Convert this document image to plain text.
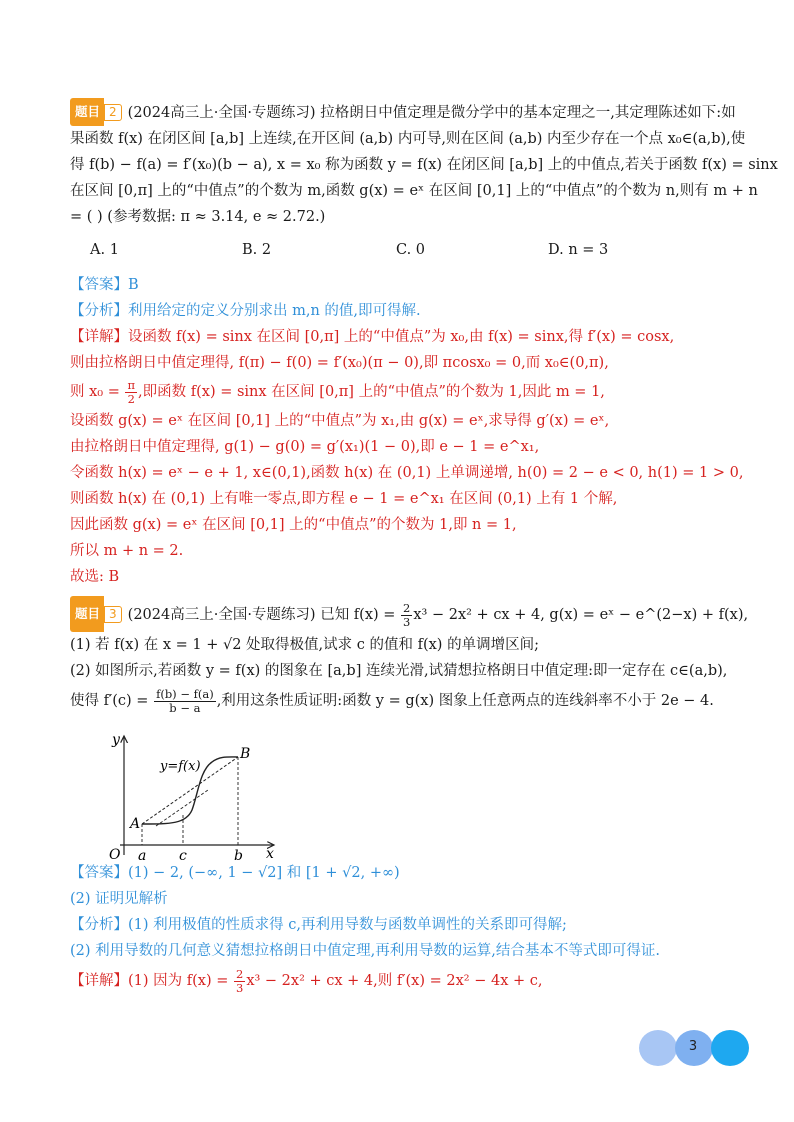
题目 2 (2024高三上·全国·专题练习) 拉格朗日中值定理是微分学中的基本定理之一,其定理陈述如下:如
果函数 f(x) 在闭区间 [a,b] 上连续,在开区间 (a,b) 内可导,则在区间 (a,b) 内至少存在一个点 x₀∈(a,b),使
得 f(b) − f(a) = f′(x₀)(b − a), x = x₀ 称为函数 y = f(x) 在闭区间 [a,b] 上的中值点,若关于函数 f(x) = sinx
在区间 [0,π] 上的“中值点”的个数为 m,函数 g(x) = eˣ 在区间 [0,1] 上的“中值点”的个数为 n,则有 m + n
= ( ) (参考数据: π ≈ 3.14, e ≈ 2.72.)
A. 1	B. 2	C. 0	D. n = 3
【答案】B
【分析】利用给定的定义分别求出 m,n 的值,即可得解.
【详解】设函数 f(x) = sinx 在区间 [0,π] 上的“中值点”为 x₀,由 f(x) = sinx,得 f′(x) = cosx,
则由拉格朗日中值定理得, f(π) − f(0) = f′(x₀)(π − 0),即 πcosx₀ = 0,而 x₀∈(0,π),
则 $x_0 = \frac{\pi}{2}$ ,即函数 f(x) = sinx 在区间 [0,π] 上的“中值点”的个数为 1,因此 m = 1,
设函数 g(x) = eˣ 在区间 [0,1] 上的“中值点”为 x₁,由 g(x) = eˣ,求导得 g′(x) = eˣ,
由拉格朗日中值定理得, g(1) − g(0) = g′(x₁)(1 − 0),即 e − 1 = e^x₁,
令函数 h(x) = eˣ − e + 1, x∈(0,1),函数 h(x) 在 (0,1) 上单调递增, h(0) = 2 − e < 0, h(1) = 1 > 0,
则函数 h(x) 在 (0,1) 上有唯一零点,即方程 e − 1 = e^x₁ 在区间 (0,1) 上有 1 个解,
因此函数 g(x) = eˣ 在区间 [0,1] 上的“中值点”的个数为 1,即 n = 1,
所以 m + n = 2.
故选: B
题目 3 (2024高三上·全国·专题练习) 已知 $f(x) = \frac{2}{3} x^3 - 2x^2$ + cx + 4, g(x) = eˣ − e^(2−x) + f(x),
(1) 若 f(x) 在 x = 1 + √2 处取得极值,试求 c 的值和 f(x) 的单调增区间;
(2) 如图所示,若函数 y = f(x) 的图象在 [a,b] 连续光滑,试猜想拉格朗日中值定理:即一定存在 c∈(a,b),
使得 $f'(c) = \frac{f(b) - f(a)}{b - a}$ ,利用这条性质证明:函数 y = g(x) 图象上任意两点的连线斜率不小于 2e − 4.
y
x
O
y=f(x)
A
B
a c	b
【答案】(1) − 2, (−∞, 1 − √2] 和 [1 + √2, +∞)
(2) 证明见解析
【分析】(1) 利用极值的性质求得 c,再利用导数与函数单调性的关系即可得解;
(2) 利用导数的几何意义猜想拉格朗日中值定理,再利用导数的运算,结合基本不等式即可得证.
【详解】(1) 因为 $f(x) = \frac{2}{3} x^3 - 2x^2$ + cx + 4,则 f′(x) = 2x² − 4x + c,
3
